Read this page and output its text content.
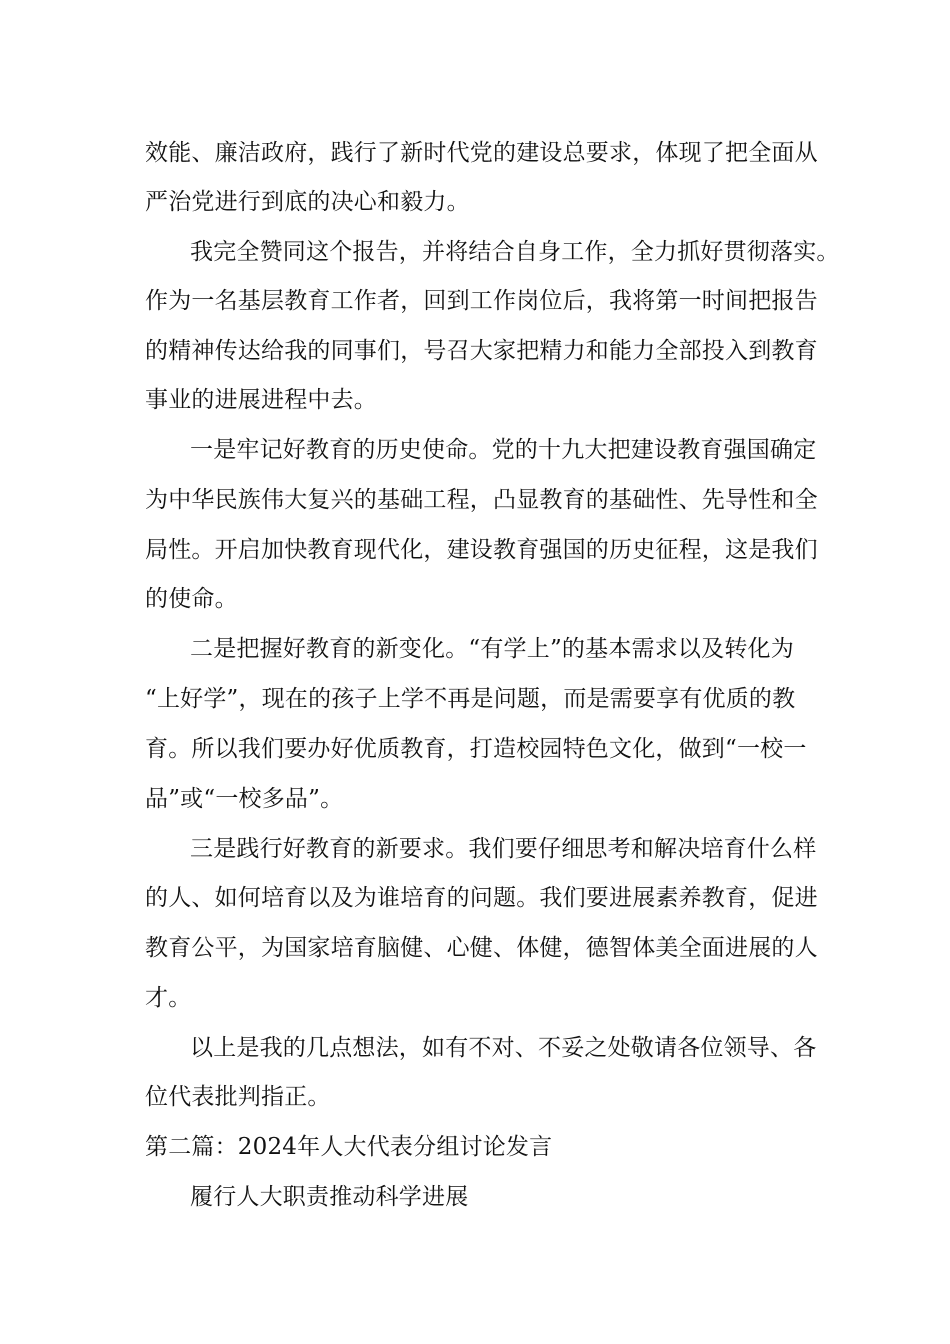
效能、廉洁政府，践行了新时代党的建设总要求，体现了把全面从
严治党进行到底的决心和毅力。
我完全赞同这个报告，并将结合自身工作，全力抓好贯彻落实。
作为一名基层教育工作者，回到工作岗位后，我将第一时间把报告
的精神传达给我的同事们，号召大家把精力和能力全部投入到教育
事业的进展进程中去。
一是牢记好教育的历史使命。党的十九大把建设教育强国确定
为中华民族伟大复兴的基础工程，凸显教育的基础性、先导性和全
局性。开启加快教育现代化，建设教育强国的历史征程，这是我们
的使命。
二是把握好教育的新变化。“有学上”的基本需求以及转化为
“上好学”，现在的孩子上学不再是问题，而是需要享有优质的教
育。所以我们要办好优质教育，打造校园特色文化，做到“一校一
品”或“一校多品”。
三是践行好教育的新要求。我们要仔细思考和解决培育什么样
的人、如何培育以及为谁培育的问题。我们要进展素养教育，促进
教育公平，为国家培育脑健、心健、体健，德智体美全面进展的人
才。
以上是我的几点想法，如有不对、不妥之处敬请各位领导、各
位代表批判指正。
第二篇：2024年人大代表分组讨论发言
履行人大职责推动科学进展
